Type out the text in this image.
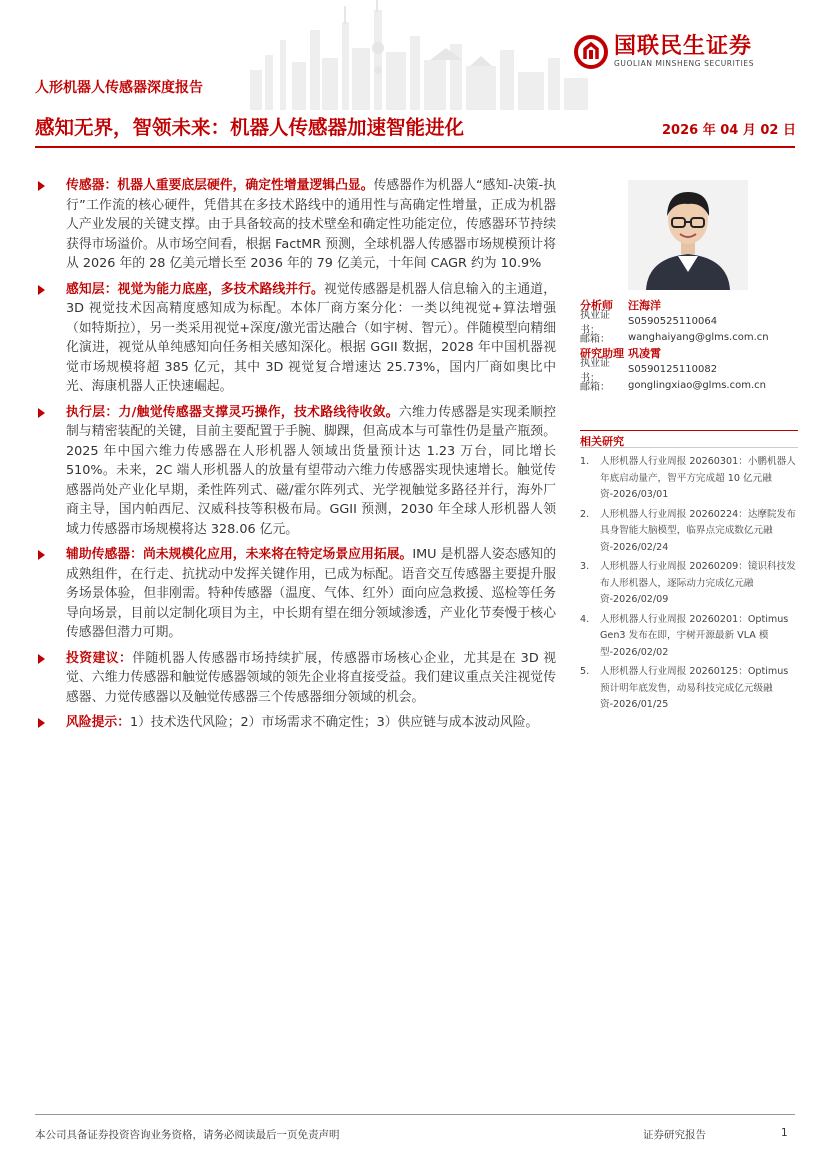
国联民生证券
GUOLIAN MINSHENG SECURITIES
人形机器人传感器深度报告
感知无界，智领未来：机器人传感器加速智能进化	2026 年 04 月 02 日
传感器：机器人重要底层硬件，确定性增量逻辑凸显。传感器作为机器人“感知-决策-执行”工作流的核心硬件，凭借其在多技术路线中的通用性与高确定性增量，正成为机器人产业发展的关键支撑。由于具备较高的技术壁垒和确定性功能定位，传感器环节持续获得市场溢价。从市场空间看，根据 FactMR 预测，全球机器人传感器市场规模预计将从 2026 年的 28 亿美元增长至 2036 年的 79 亿美元，十年间 CAGR 约为 10.9%
感知层：视觉为能力底座，多技术路线并行。视觉传感器是机器人信息输入的主通道，3D 视觉技术因高精度感知成为标配。本体厂商方案分化：一类以纯视觉+算法增强（如特斯拉），另一类采用视觉+深度/激光雷达融合（如宇树、智元）。伴随模型向精细化演进，视觉从单纯感知向任务相关感知深化。根据 GGII 数据，2028 年中国机器视觉市场规模将超 385 亿元，其中 3D 视觉复合增速达 25.73%，国内厂商如奥比中光、海康机器人正快速崛起。
执行层：力/触觉传感器支撑灵巧操作，技术路线待收敛。六维力传感器是实现柔顺控制与精密装配的关键，目前主要配置于手腕、脚踝，但高成本与可靠性仍是量产瓶颈。2025 年中国六维力传感器在人形机器人领域出货量预计达 1.23 万台，同比增长 510%。未来，2C 端人形机器人的放量有望带动六维力传感器实现快速增长。触觉传感器尚处产业化早期，柔性阵列式、磁/霍尔阵列式、光学视触觉多路径并行，海外厂商主导，国内帕西尼、汉威科技等积极布局。GGII 预测，2030 年全球人形机器人领域力传感器市场规模将达 328.06 亿元。
辅助传感器：尚未规模化应用，未来将在特定场景应用拓展。IMU 是机器人姿态感知的成熟组件，在行走、抗扰动中发挥关键作用，已成为标配。语音交互传感器主要提升服务场景体验，但非刚需。特种传感器（温度、气体、红外）面向应急救援、巡检等任务导向场景，目前以定制化项目为主，中长期有望在细分领域渗透，产业化节奏慢于核心传感器但潜力可期。
投资建议：伴随机器人传感器市场持续扩展，传感器市场核心企业，尤其是在 3D 视觉、六维力传感器和触觉传感器领域的领先企业将直接受益。我们建议重点关注视觉传感器、力觉传感器以及触觉传感器三个传感器细分领域的机会。
风险提示：1）技术迭代风险；2）市场需求不确定性；3）供应链与成本波动风险。
分析师	汪海洋
执业证书：
S0590525110064
邮箱：	wanghaiyang@glms.com.cn
研究助理 巩凌霄
执业证书：
S0590125110082
邮箱：	gonglingxiao@glms.com.cn
相关研究
1.	人形机器人行业周报 20260301：小鹏机器人年底启动量产，智平方完成超 10 亿元融资-2026/03/01
2.	人形机器人行业周报 20260224：达摩院发布具身智能大脑模型，临界点完成数亿元融资-2026/02/24
3.	人形机器人行业周报 20260209：镜识科技发布人形机器人，逐际动力完成亿元融资-2026/02/09
4.	人形机器人行业周报 20260201：Optimus Gen3 发布在即，宇树开源最新 VLA 模型-2026/02/02
5.	人形机器人行业周报 20260125：Optimus 预计明年底发售，动易科技完成亿元级融资-2026/01/25
本公司具备证券投资咨询业务资格，请务必阅读最后一页免责声明	证券研究报告	1
